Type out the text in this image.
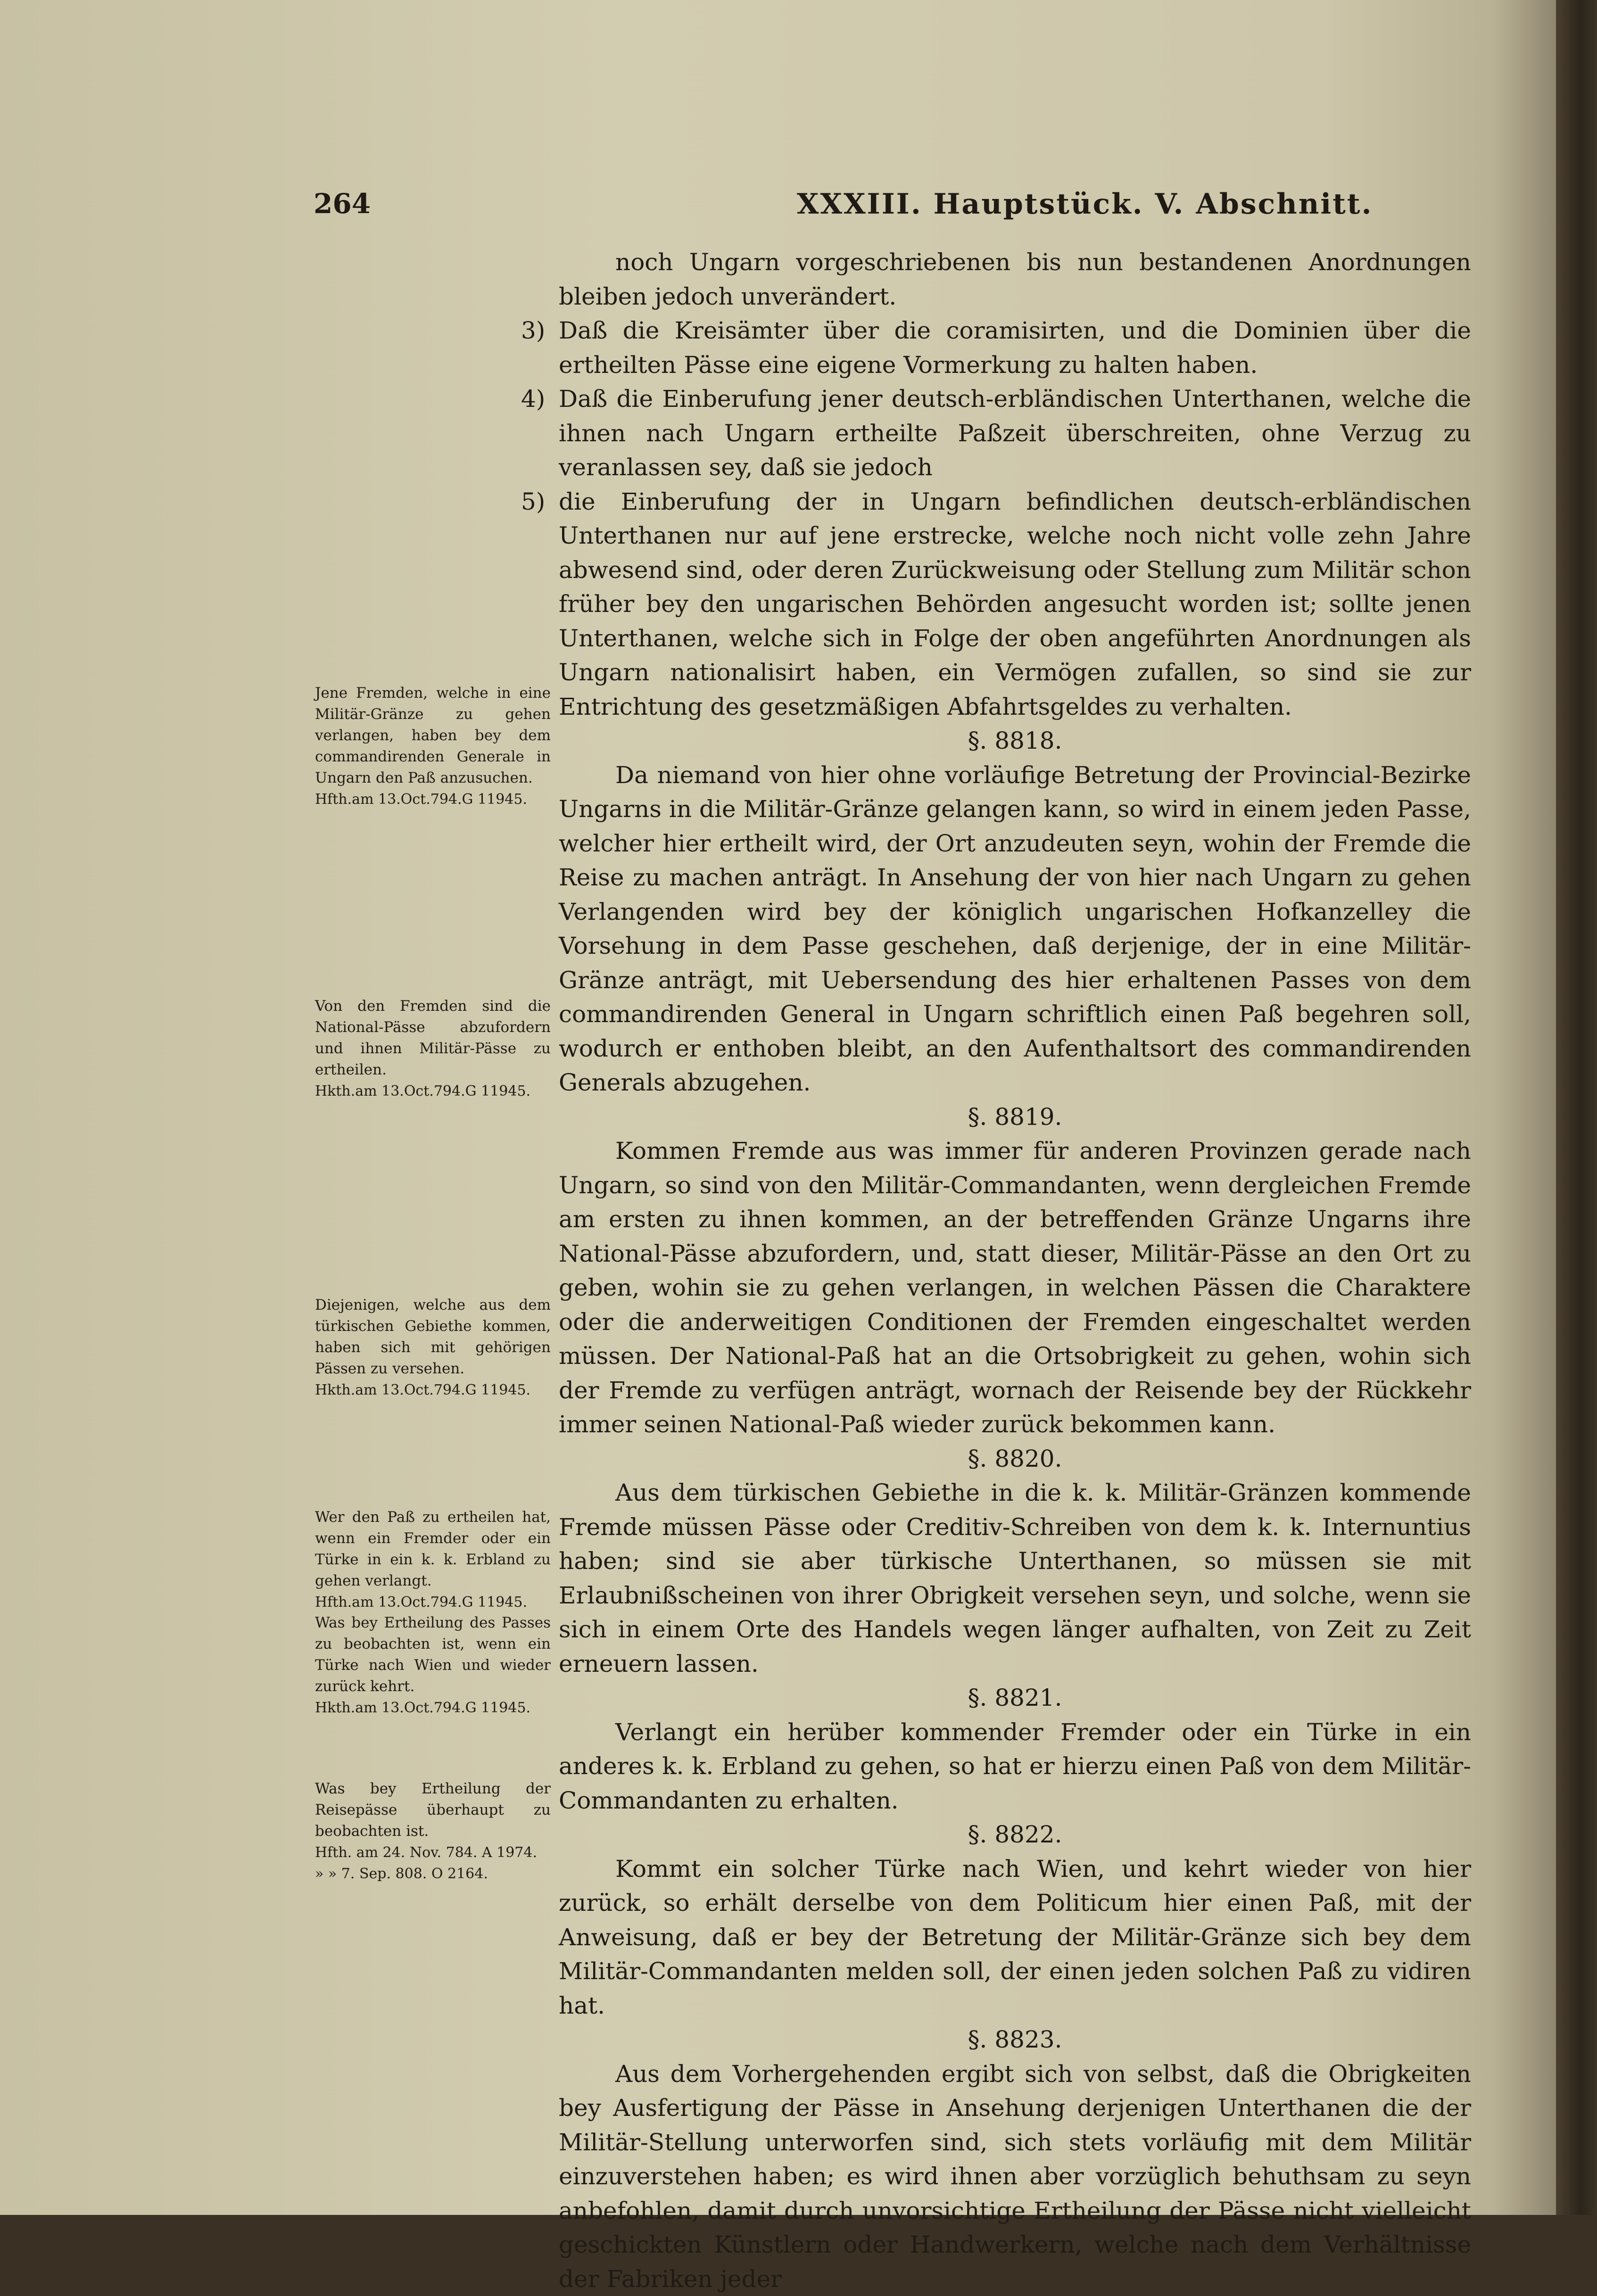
264	XXXIII. Hauptstück. V. Abschnitt.
Jene Fremden, welche in eine Militär-Gränze zu gehen verlangen, haben bey dem commandirenden Generale in Ungarn den Paß anzusuchen.
Hfth.am 13.Oct.794.G 11945.
Von den Fremden sind die National-Pässe abzufordern und ihnen Militär-Pässe zu ertheilen.
Hkth.am 13.Oct.794.G 11945.
Diejenigen, welche aus dem türkischen Gebiethe kommen, haben sich mit gehörigen Pässen zu versehen.
Hkth.am 13.Oct.794.G 11945.
Wer den Paß zu ertheilen hat, wenn ein Fremder oder ein Türke in ein k. k. Erbland zu gehen verlangt.
Hfth.am 13.Oct.794.G 11945.
Was bey Ertheilung des Passes zu beobachten ist, wenn ein Türke nach Wien und wieder zurück kehrt.
Hkth.am 13.Oct.794.G 11945.
Was bey Ertheilung der Reisepässe überhaupt zu beobachten ist.
Hfth. am 24. Nov. 784. A 1974.
» » 7. Sep. 808. O 2164.

noch Ungarn vorgeschriebenen bis nun bestandenen Anordnungen bleiben jedoch unverändert.

3) Daß die Kreisämter über die coramisirten, und die Dominien über die ertheilten Pässe eine eigene Vormerkung zu halten haben.
4) Daß die Einberufung jener deutsch-erbländischen Unterthanen, welche die ihnen nach Ungarn ertheilte Paßzeit überschreiten, ohne Verzug zu veranlassen sey, daß sie jedoch
5) die Einberufung der in Ungarn befindlichen deutsch-erbländischen Unterthanen nur auf jene erstrecke, welche noch nicht volle zehn Jahre abwesend sind, oder deren Zurückweisung oder Stellung zum Militär schon früher bey den ungarischen Behörden angesucht worden ist; sollte jenen Unterthanen, welche sich in Folge der oben angeführten Anordnungen als Ungarn nationalisirt haben, ein Vermögen zufallen, so sind sie zur Entrichtung des gesetzmäßigen Abfahrtsgeldes zu verhalten.

§. 8818.

Da niemand von hier ohne vorläufige Betretung der Provincial-Bezirke Ungarns in die Militär-Gränze gelangen kann, so wird in einem jeden Passe, welcher hier ertheilt wird, der Ort anzudeuten seyn, wohin der Fremde die Reise zu machen anträgt. In Ansehung der von hier nach Ungarn zu gehen Verlangenden wird bey der königlich ungarischen Hofkanzelley die Vorsehung in dem Passe geschehen, daß derjenige, der in eine Militär-Gränze anträgt, mit Uebersendung des hier erhaltenen Passes von dem commandirenden General in Ungarn schriftlich einen Paß begehren soll, wodurch er enthoben bleibt, an den Aufenthaltsort des commandirenden Generals abzugehen.

§. 8819.

Kommen Fremde aus was immer für anderen Provinzen gerade nach Ungarn, so sind von den Militär-Commandanten, wenn dergleichen Fremde am ersten zu ihnen kommen, an der betreffenden Gränze Ungarns ihre National-Pässe abzufordern, und, statt dieser, Militär-Pässe an den Ort zu geben, wohin sie zu gehen verlangen, in welchen Pässen die Charaktere oder die anderweitigen Conditionen der Fremden eingeschaltet werden müssen. Der National-Paß hat an die Ortsobrigkeit zu gehen, wohin sich der Fremde zu verfügen anträgt, wornach der Reisende bey der Rückkehr immer seinen National-Paß wieder zurück bekommen kann.

§. 8820.

Aus dem türkischen Gebiethe in die k. k. Militär-Gränzen kommende Fremde müssen Pässe oder Creditiv-Schreiben von dem k. k. Internuntius haben; sind sie aber türkische Unterthanen, so müssen sie mit Erlaubnißscheinen von ihrer Obrigkeit versehen seyn, und solche, wenn sie sich in einem Orte des Handels wegen länger aufhalten, von Zeit zu Zeit erneuern lassen.

§. 8821.

Verlangt ein herüber kommender Fremder oder ein Türke in ein anderes k. k. Erbland zu gehen, so hat er hierzu einen Paß von dem Militär-Commandanten zu erhalten.

§. 8822.

Kommt ein solcher Türke nach Wien, und kehrt wieder von hier zurück, so erhält derselbe von dem Politicum hier einen Paß, mit der Anweisung, daß er bey der Betretung der Militär-Gränze sich bey dem Militär-Commandanten melden soll, der einen jeden solchen Paß zu vidiren hat.

§. 8823.

Aus dem Vorhergehenden ergibt sich von selbst, daß die Obrigkeiten bey Ausfertigung der Pässe in Ansehung derjenigen Unterthanen die der Militär-Stellung unterworfen sind, sich stets vorläufig mit dem Militär einzuverstehen haben; es wird ihnen aber vorzüglich behuthsam zu seyn anbefohlen, damit durch unvorsichtige Ertheilung der Pässe nicht vielleicht geschickten Künstlern oder Handwerkern, welche nach dem Verhältnisse der Fabriken jeder
